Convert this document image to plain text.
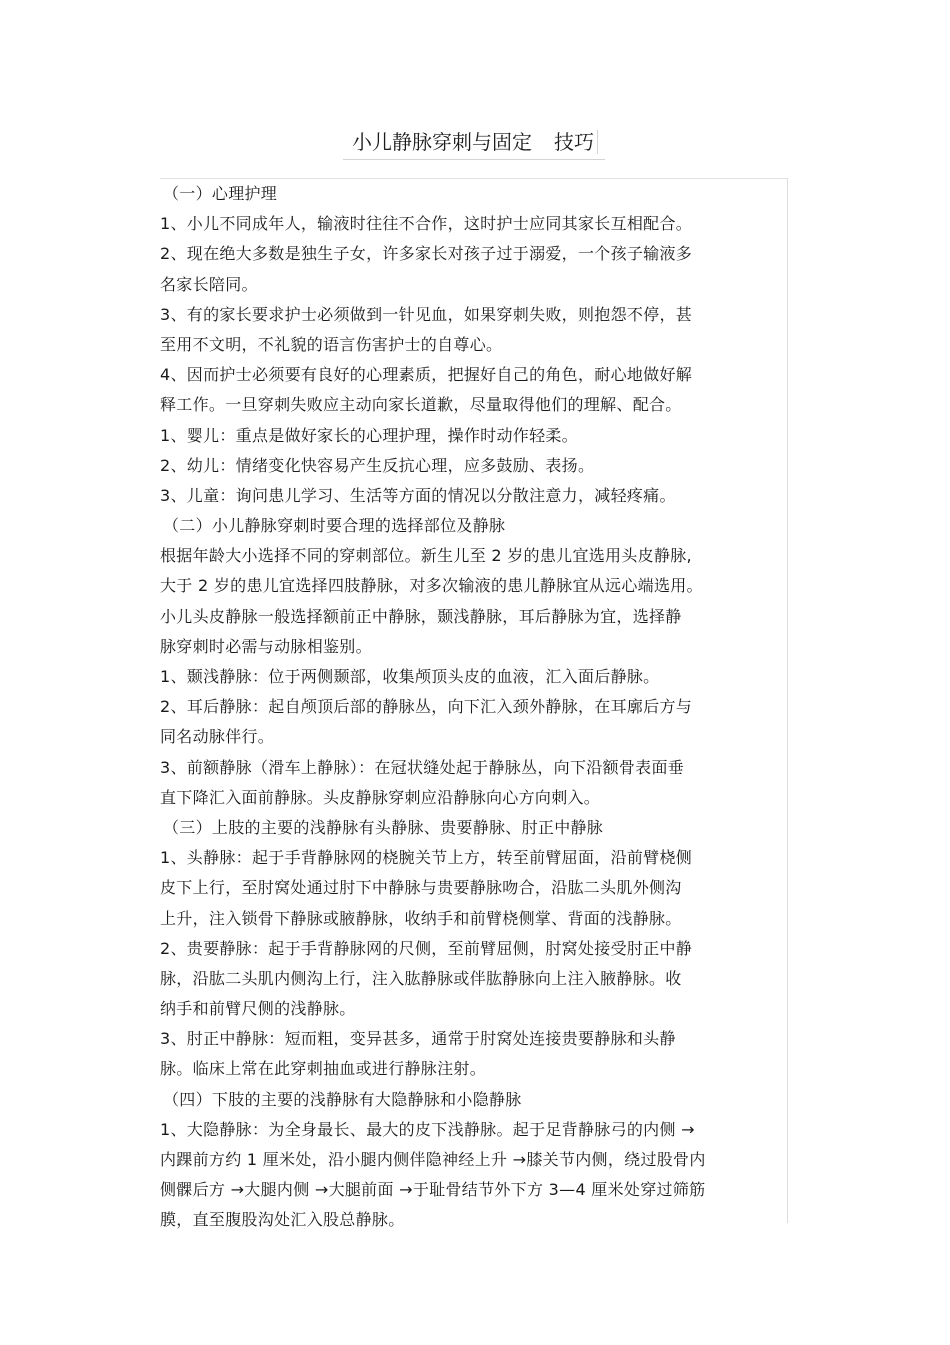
小儿静脉穿刺与固定 技巧
（一）心理护理
1、小儿不同成年人，输液时往往不合作，这时护士应同其家长互相配合。
2、现在绝大多数是独生子女，许多家长对孩子过于溺爱，一个孩子输液多
名家长陪同。
3、有的家长要求护士必须做到一针见血，如果穿刺失败，则抱怨不停，甚
至用不文明，不礼貌的语言伤害护士的自尊心。
4、因而护士必须要有良好的心理素质，把握好自己的角色，耐心地做好解
释工作。一旦穿刺失败应主动向家长道歉，尽量取得他们的理解、配合。
1、婴儿：重点是做好家长的心理护理，操作时动作轻柔。
2、幼儿：情绪变化快容易产生反抗心理，应多鼓励、表扬。
3、儿童：询问患儿学习、生活等方面的情况以分散注意力，减轻疼痛。
（二）小儿静脉穿刺时要合理的选择部位及静脉
根据年龄大小选择不同的穿刺部位。新生儿至 2 岁的患儿宜选用头皮静脉,
大于 2 岁的患儿宜选择四肢静脉，对多次输液的患儿静脉宜从远心端选用。
小儿头皮静脉一般选择额前正中静脉，颞浅静脉，耳后静脉为宜，选择静
脉穿刺时必需与动脉相鉴别。
1、颞浅静脉：位于两侧颞部，收集颅顶头皮的血液，汇入面后静脉。
2、耳后静脉：起自颅顶后部的静脉丛，向下汇入颈外静脉，在耳廓后方与
同名动脉伴行。
3、前额静脉（滑车上静脉）：在冠状缝处起于静脉丛，向下沿额骨表面垂
直下降汇入面前静脉。头皮静脉穿刺应沿静脉向心方向刺入。
（三）上肢的主要的浅静脉有头静脉、贵要静脉、肘正中静脉
1、头静脉：起于手背静脉网的桡腕关节上方，转至前臂屈面，沿前臂桡侧
皮下上行，至肘窝处通过肘下中静脉与贵要静脉吻合，沿肱二头肌外侧沟
上升，注入锁骨下静脉或腋静脉，收纳手和前臂桡侧掌、背面的浅静脉。
2、贵要静脉：起于手背静脉网的尺侧，至前臂屈侧，肘窝处接受肘正中静
脉，沿肱二头肌内侧沟上行，注入肱静脉或伴肱静脉向上注入腋静脉。收
纳手和前臂尺侧的浅静脉。
3、肘正中静脉：短而粗，变异甚多，通常于肘窝处连接贵要静脉和头静
脉。临床上常在此穿刺抽血或进行静脉注射。
（四）下肢的主要的浅静脉有大隐静脉和小隐静脉
1、大隐静脉：为全身最长、最大的皮下浅静脉。起于足背静脉弓的内侧 →
内踝前方约 1 厘米处，沿小腿内侧伴隐神经上升 →膝关节内侧，绕过股骨内
侧髁后方 →大腿内侧 →大腿前面 →于耻骨结节外下方 3—4 厘米处穿过筛筋
膜，直至腹股沟处汇入股总静脉。
